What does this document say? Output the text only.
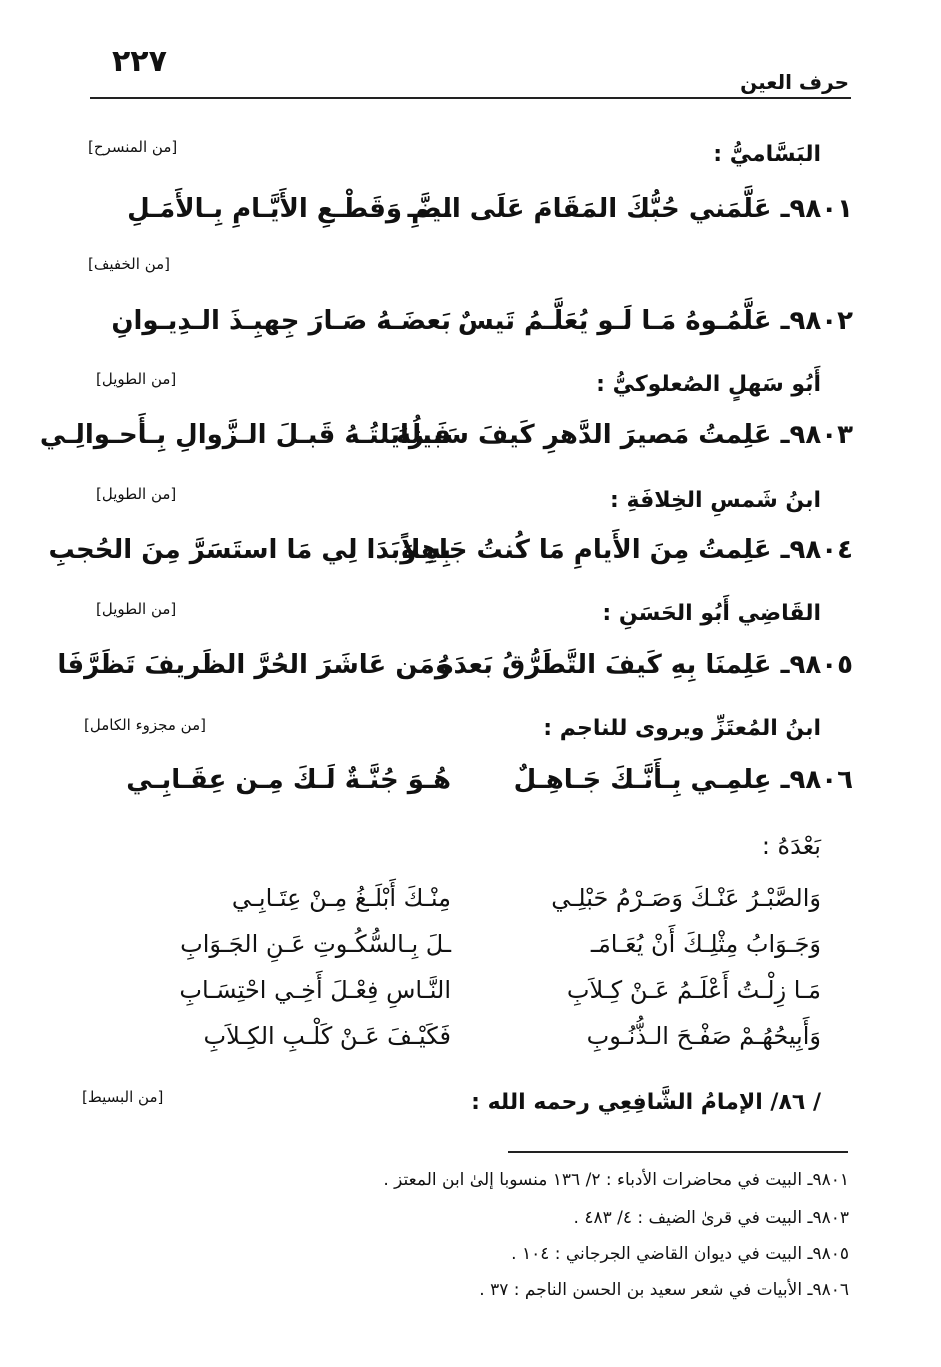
٢٢٧
حرف العين
البَسَّاميُّ :
[من المنسرح]
٩٨٠١ـ عَلَّمَني حُبُّكَ المَقَامَ عَلَى الضَّـ
ـيمِ وَقَطْـعِ الأَيَّـامِ بِـالأَمَـلِ
[من الخفيف]
٩٨٠٢ـ عَلَّمُـوهُ مَـا لَـو يُعَلَّـمُ تَيسٌ
بَعضَـهُ صَـارَ جِهبِـذَ الـدِيـوانِ
أَبُو سَهلٍ الصُعلوكيُّ :
[من الطويل]
٩٨٠٣ـ عَلِمتُ مَصيرَ الدَّهرِ كَيفَ سَبيلُهُ
فَـزايَلتُـهُ قَبـلَ الـزَّوالِ بِـأَحـوالِـي
ابنُ شَمسِ الخِلافَةِ :
[من الطويل]
٩٨٠٤ـ عَلِمتُ مِنَ الأَيامِ مَا كُنتُ جَاهِلاً
بِهِ وَبَدَا لِي مَا استَسَرَّ مِنَ الحُجبِ
القَاضِي أَبُو الحَسَنِ :
[من الطويل]
٩٨٠٥ـ عَلِمنَا بِهِ كَيفَ التَّطَرُّقُ بَعدَهُ
وَمَن عَاشَرَ الحُرَّ الظَريفَ تَظَرَّفَا
ابنُ المُعتَزِّ ويروى للناجم :
[من مجزوء الكامل]
٩٨٠٦ـ عِلمِـي بِـأَنَّـكَ جَـاهِـلٌ
هُـوَ جُنَّـةٌ لَـكَ مِـن عِقَـابِـي
بَعْدَهُ :
وَالصَّبْـرُ عَنْـكَ وَصَـرْمُ حَبْلِـي
مِنْـكَ أَبْلَـغُ مِـنْ عِتَـابِـي
وَجَـوَابُ مِثْلِـكَ أَنْ يُعَـامَـ
ـلَ بِـالسُّكُـوتِ عَـنِ الجَـوَابِ
مَـا زِلْـتُ أَعْلَـمُ عَـنْ كِـلاَبِ
النَّـاسِ فِعْـلَ أَخِـي احْتِسَـابِ
وَأَبِيحُهُـمْ صَفْـحَ الـذُّنُـوبِ
فَكَيْـفَ عَـنْ كَلْـبِ الكِـلاَبِ
/ ٨٦/ الإمامُ الشَّافِعِي رحمه الله :
[من البسيط]
٩٨٠١ـ البيت في محاضرات الأدباء : ٢/ ١٣٦ منسوبا إلىٰ ابن المعتز .
٩٨٠٣ـ البيت في قرىٰ الضيف : ٤/ ٤٨٣ .
٩٨٠٥ـ البيت في ديوان القاضي الجرجاني : ١٠٤ .
٩٨٠٦ـ الأبيات في شعر سعيد بن الحسن الناجم : ٣٧ .
